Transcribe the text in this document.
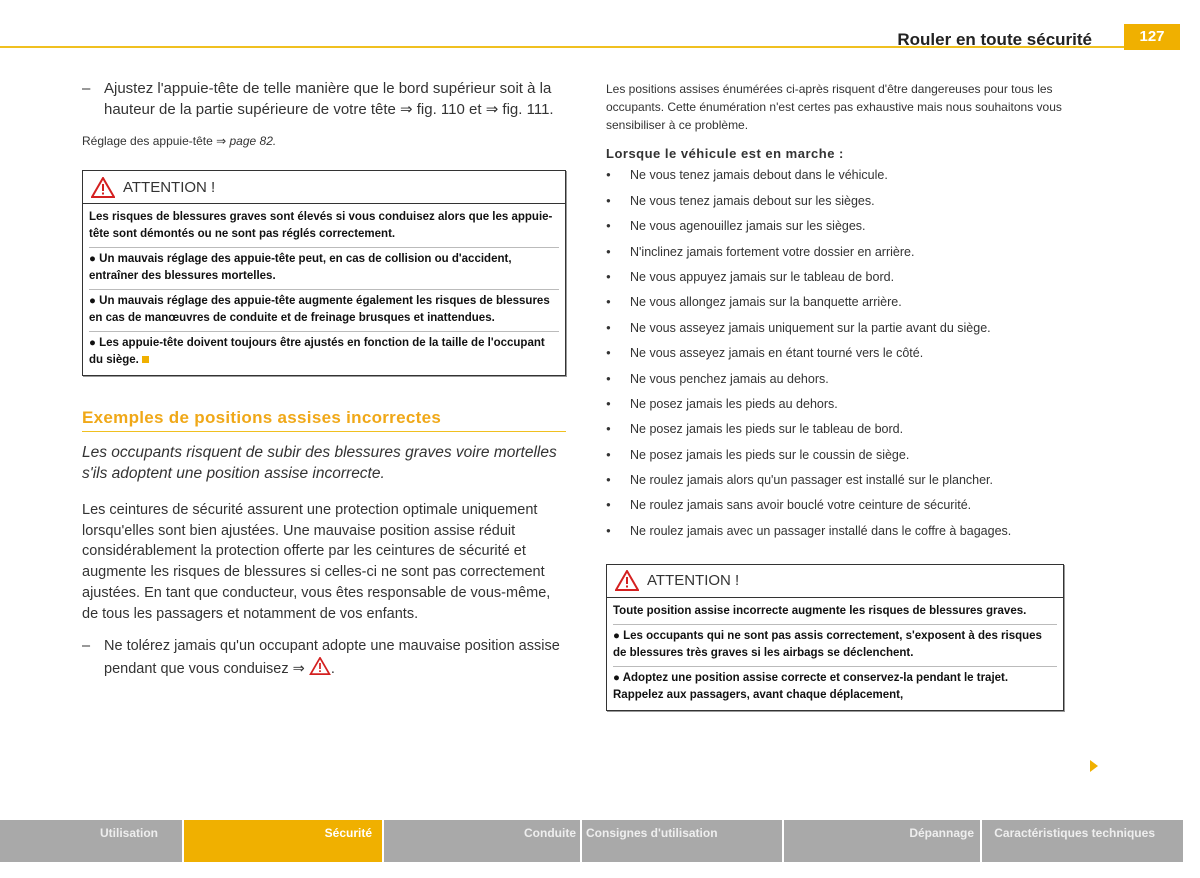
Rouler en toute sécurité	127
– Ajustez l'appuie-tête de telle manière que le bord supérieur soit à la hauteur de la partie supérieure de votre tête ⇒ fig. 110 et ⇒ fig. 111.
Réglage des appuie-tête ⇒ page 82.
ATTENTION !

Les risques de blessures graves sont élevés si vous conduisez alors que les appuie-tête sont démontés ou ne sont pas réglés correctement.

● Un mauvais réglage des appuie-tête peut, en cas de collision ou d'accident, entraîner des blessures mortelles.

● Un mauvais réglage des appuie-tête augmente également les risques de blessures en cas de manœuvres de conduite et de freinage brusques et inattendues.

● Les appuie-tête doivent toujours être ajustés en fonction de la taille de l'occupant du siège.

Exemples de positions assises incorrectes
Les occupants risquent de subir des blessures graves voire mortelles s'ils adoptent une position assise incorrecte.
Les ceintures de sécurité assurent une protection optimale uniquement lorsqu'elles sont bien ajustées. Une mauvaise position assise réduit considérablement la protection offerte par les ceintures de sécurité et augmente les risques de blessures si celles-ci ne sont pas correctement ajustées. En tant que conducteur, vous êtes responsable de vous-même, de tous les passagers et notamment de vos enfants.
– Ne tolérez jamais qu'un occupant adopte une mauvaise position assise pendant que vous conduisez ⇒ .
Les positions assises énumérées ci-après risquent d'être dangereuses pour tous les occupants. Cette énumération n'est certes pas exhaustive mais nous souhaitons vous sensibiliser à ce problème.
Lorsque le véhicule est en marche :
●
Ne vous tenez jamais debout dans le véhicule.
●
Ne vous tenez jamais debout sur les sièges.
●
Ne vous agenouillez jamais sur les sièges.
●
N'inclinez jamais fortement votre dossier en arrière.
●
Ne vous appuyez jamais sur le tableau de bord.
●
Ne vous allongez jamais sur la banquette arrière.
●
Ne vous asseyez jamais uniquement sur la partie avant du siège.
●
Ne vous asseyez jamais en étant tourné vers le côté.
●
Ne vous penchez jamais au dehors.
●
Ne posez jamais les pieds au dehors.
●
Ne posez jamais les pieds sur le tableau de bord.
●
Ne posez jamais les pieds sur le coussin de siège.
●
Ne roulez jamais alors qu'un passager est installé sur le plancher.
●
Ne roulez jamais sans avoir bouclé votre ceinture de sécurité.
●
Ne roulez jamais avec un passager installé dans le coffre à bagages.
ATTENTION !

Toute position assise incorrecte augmente les risques de blessures graves.

● Les occupants qui ne sont pas assis correctement, s'exposent à des risques de blessures très graves si les airbags se déclenchent.

● Adoptez une position assise correcte et conservez-la pendant le trajet. Rappelez aux passagers, avant chaque déplacement,

Utilisation	Sécurité	Conduite Consignes d'utilisation	Dépannage	Caractéristiques techniques
